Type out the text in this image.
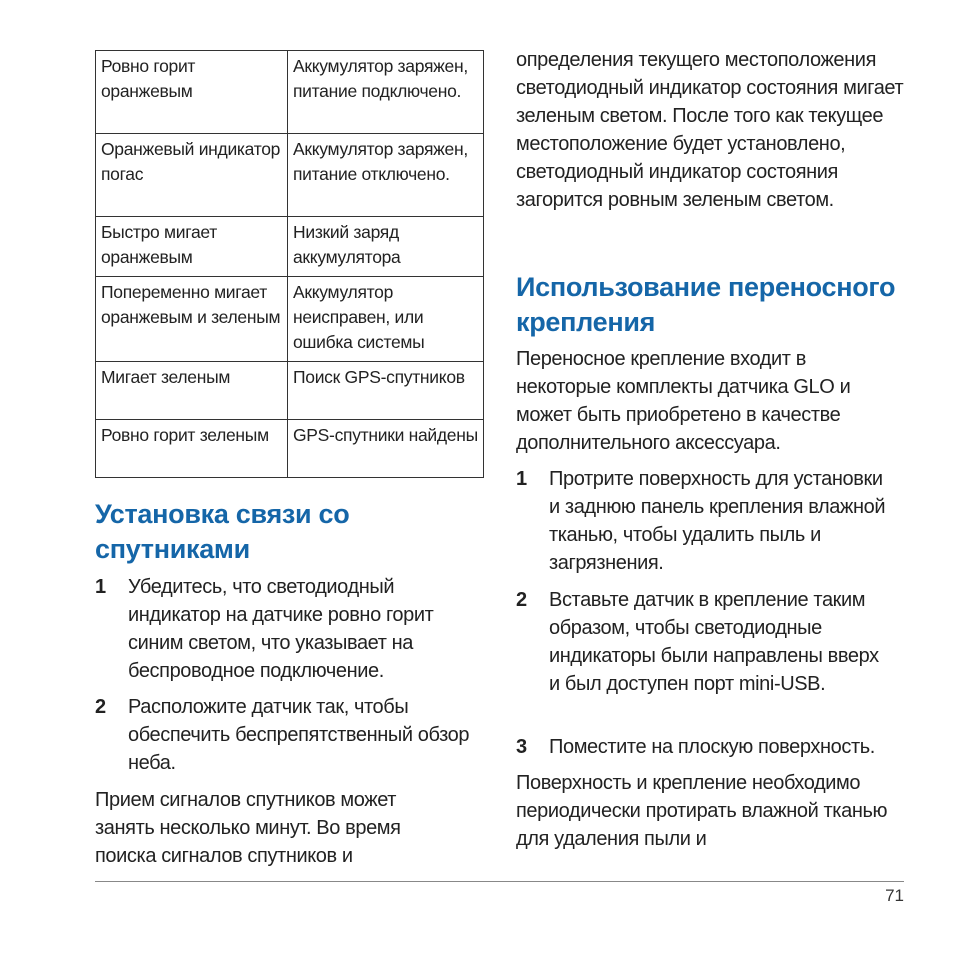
Ровно горит оранжевым	Аккумулятор заряжен, питание подключено.
Оранжевый индикатор погас	Аккумулятор заряжен, питание отключено.
Быстро мигает оранжевым	Низкий заряд аккумулятора
Попеременно мигает оранжевым и зеленым	Аккумулятор неисправен, или ошибка системы
Мигает зеленым	Поиск GPS-спутников
Ровно горит зеленым	GPS-спутники найдены
Установка связи со спутниками
1 Убедитесь, что светодиодный индикатор на датчике ровно горит синим светом, что указывает на беспроводное подключение.
2 Расположите датчик так, чтобы обеспечить беспрепятственный обзор неба.
Прием сигналов спутников может занять несколько минут. Во время поиска сигналов спутников и
определения текущего местоположения светодиодный индикатор состояния мигает зеленым светом. После того как текущее местоположение будет установлено, светодиодный индикатор состояния загорится ровным зеленым светом.
Использование переносного крепления
Переносное крепление входит в некоторые комплекты датчика GLO и может быть приобретено в качестве дополнительного аксессуара.
1 Протрите поверхность для установки и заднюю панель крепления влажной тканью, чтобы удалить пыль и загрязнения.
2 Вставьте датчик в крепление таким образом, чтобы светодиодные индикаторы были направлены вверх и был доступен порт mini-USB.
3 Поместите на плоскую поверхность.
Поверхность и крепление необходимо периодически протирать влажной тканью для удаления пыли и
71
